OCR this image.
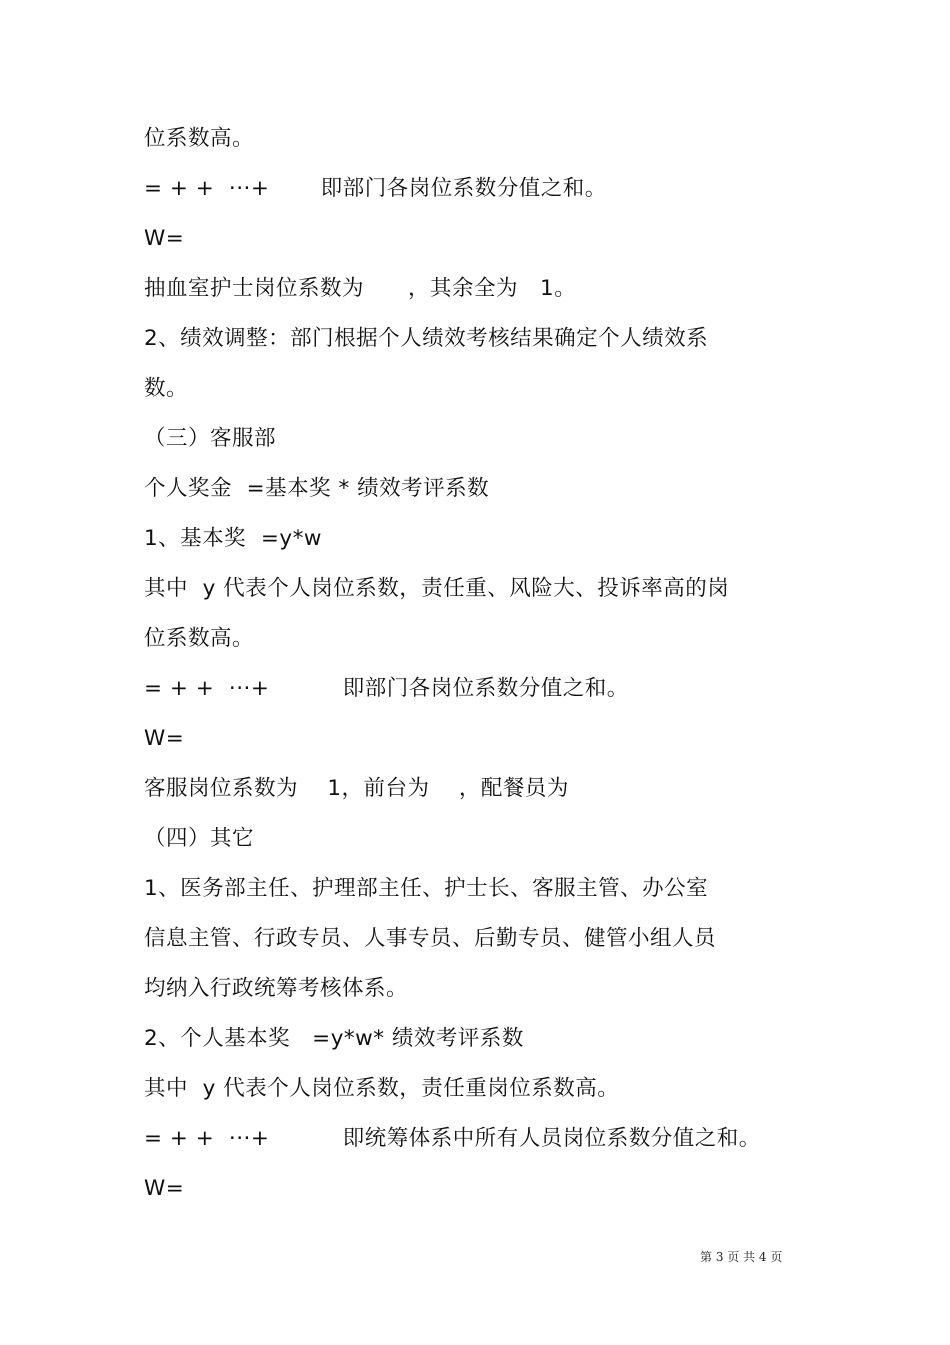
位系数高。
= + +  ···+       即部门各岗位系数分值之和。
W=
抽血室护士岗位系数为      ，其余全为   1。
2、绩效调整：部门根据个人绩效考核结果确定个人绩效系
数。
（三）客服部
个人奖金  =基本奖 * 绩效考评系数
1、基本奖  =y*w
其中  y 代表个人岗位系数，责任重、风险大、投诉率高的岗
位系数高。
= + +  ···+          即部门各岗位系数分值之和。
W=
客服岗位系数为    1，前台为    ，配餐员为
（四）其它
1、医务部主任、护理部主任、护士长、客服主管、办公室
信息主管、行政专员、人事专员、后勤专员、健管小组人员
均纳入行政统筹考核体系。
2、个人基本奖   =y*w* 绩效考评系数
其中  y 代表个人岗位系数，责任重岗位系数高。
= + +  ···+          即统筹体系中所有人员岗位系数分值之和。
W=
第 3 页 共 4 页
